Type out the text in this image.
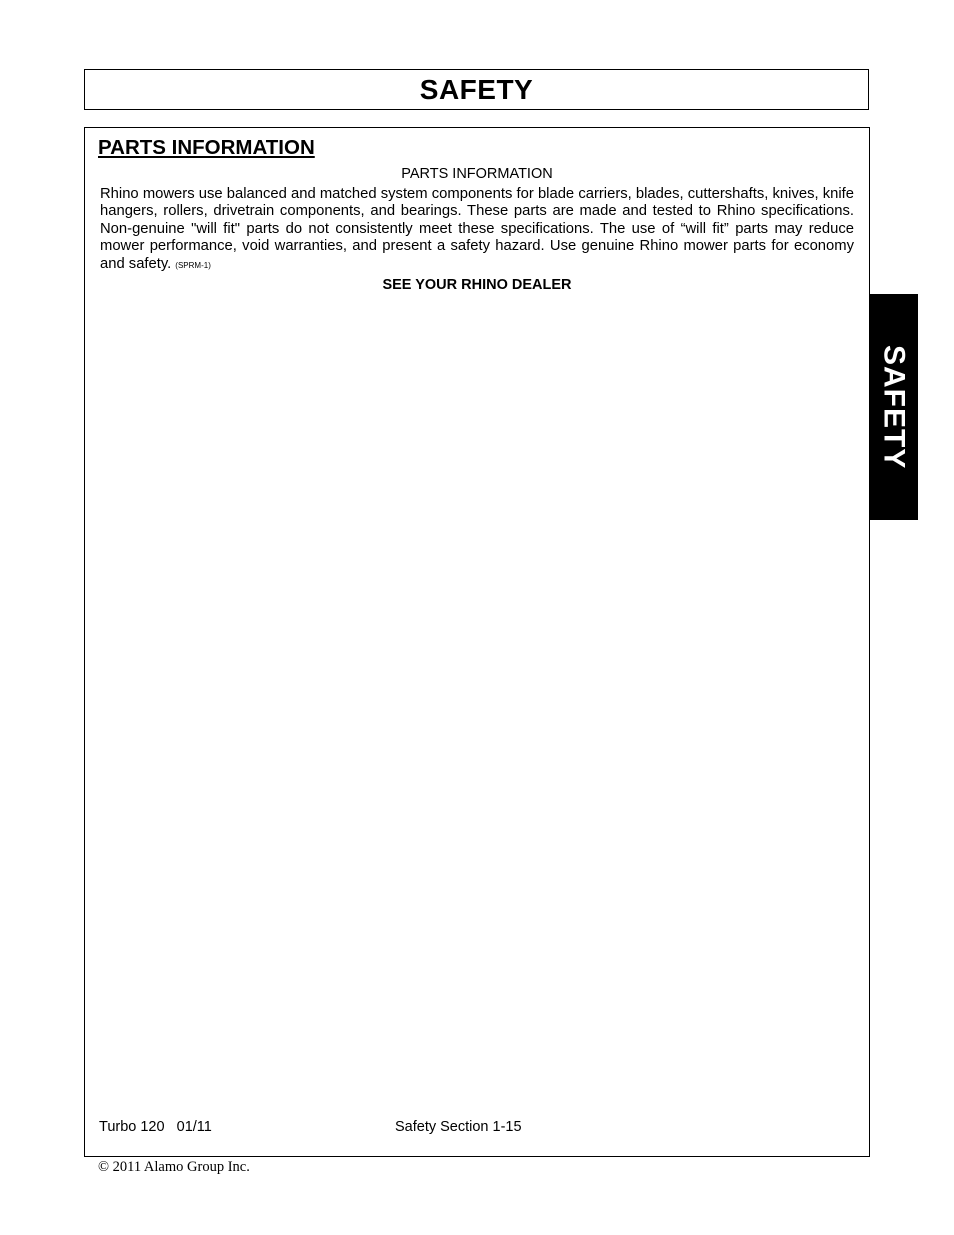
SAFETY
PARTS INFORMATION
PARTS INFORMATION
Rhino mowers use balanced and matched system components for blade carriers, blades, cuttershafts, knives, knife hangers, rollers, drivetrain components, and bearings. These parts are made and tested to Rhino specifications. Non-genuine "will fit" parts do not consistently meet these specifications. The use of “will fit” parts may reduce mower performance, void warranties, and present a safety hazard. Use genuine Rhino mower parts for economy and safety. (SPRM-1)
SEE YOUR RHINO DEALER
Turbo 120   01/11	Safety Section 1-15
© 2011 Alamo Group Inc.
SAFETY
